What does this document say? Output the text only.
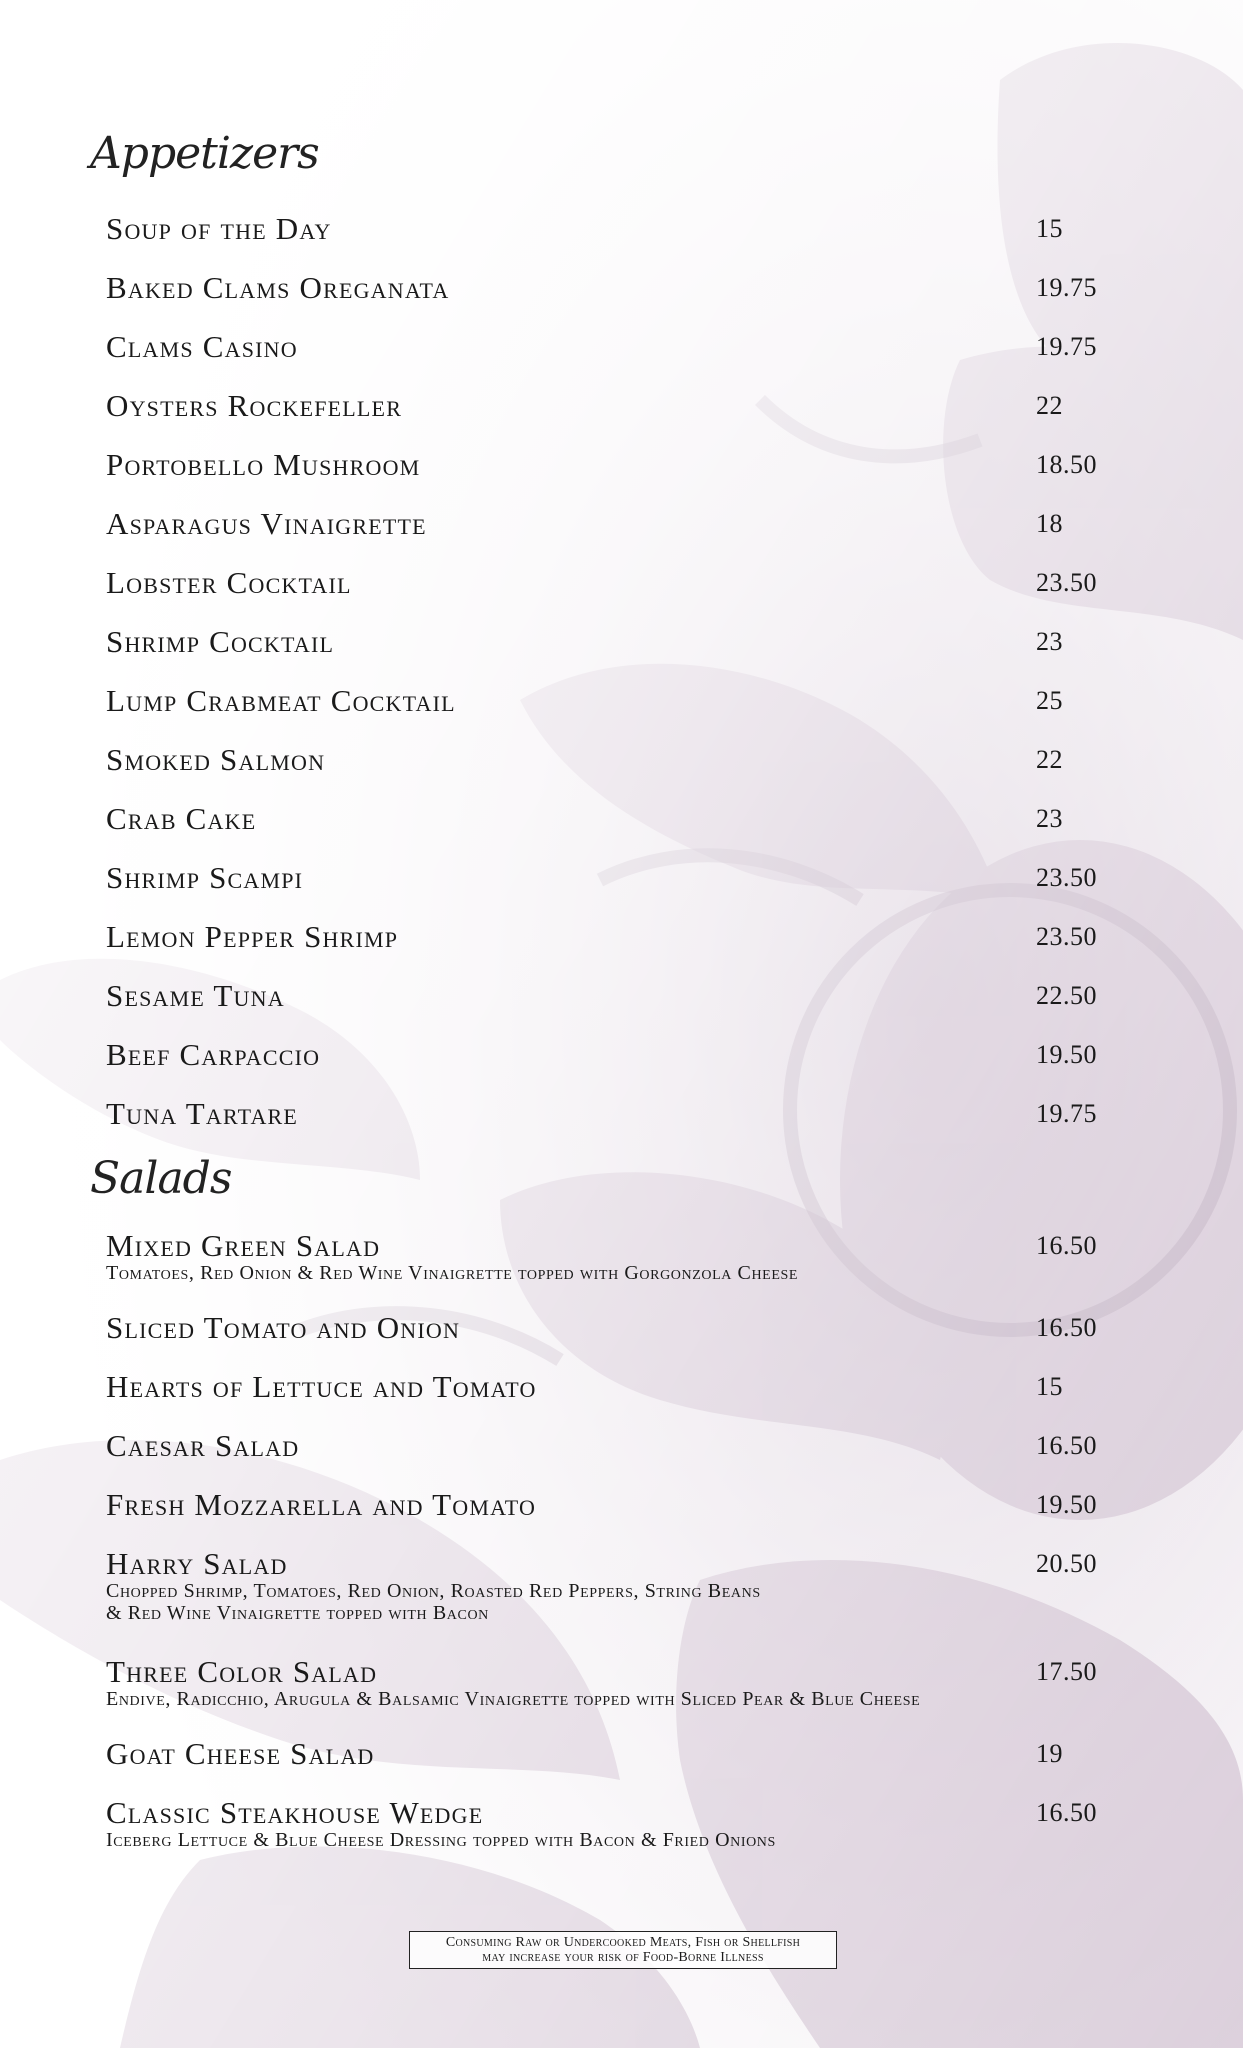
Appetizers
Soup of the Day	15
Baked Clams Oreganata	19.75
Clams Casino	19.75
Oysters Rockefeller	22
Portobello Mushroom	18.50
Asparagus Vinaigrette	18
Lobster Cocktail	23.50
Shrimp Cocktail	23
Lump Crabmeat Cocktail	25
Smoked Salmon	22
Crab Cake	23
Shrimp Scampi	23.50
Lemon Pepper Shrimp	23.50
Sesame Tuna	22.50
Beef Carpaccio	19.50
Tuna Tartare	19.75
Salads
Mixed Green Salad	16.50
Tomatoes, Red Onion & Red Wine Vinaigrette topped with Gorgonzola Cheese
Sliced Tomato and Onion	16.50
Hearts of Lettuce and Tomato	15
Caesar Salad	16.50
Fresh Mozzarella and Tomato	19.50
Harry Salad	20.50
Chopped Shrimp, Tomatoes, Red Onion, Roasted Red Peppers, String Beans
& Red Wine Vinaigrette topped with Bacon
Three Color Salad	17.50
Endive, Radicchio, Arugula & Balsamic Vinaigrette topped with Sliced Pear & Blue Cheese
Goat Cheese Salad	19
Classic Steakhouse Wedge	16.50
Iceberg Lettuce & Blue Cheese Dressing topped with Bacon & Fried Onions
Consuming Raw or Undercooked Meats, Fish or Shellfish
may increase your risk of Food-Borne Illness
